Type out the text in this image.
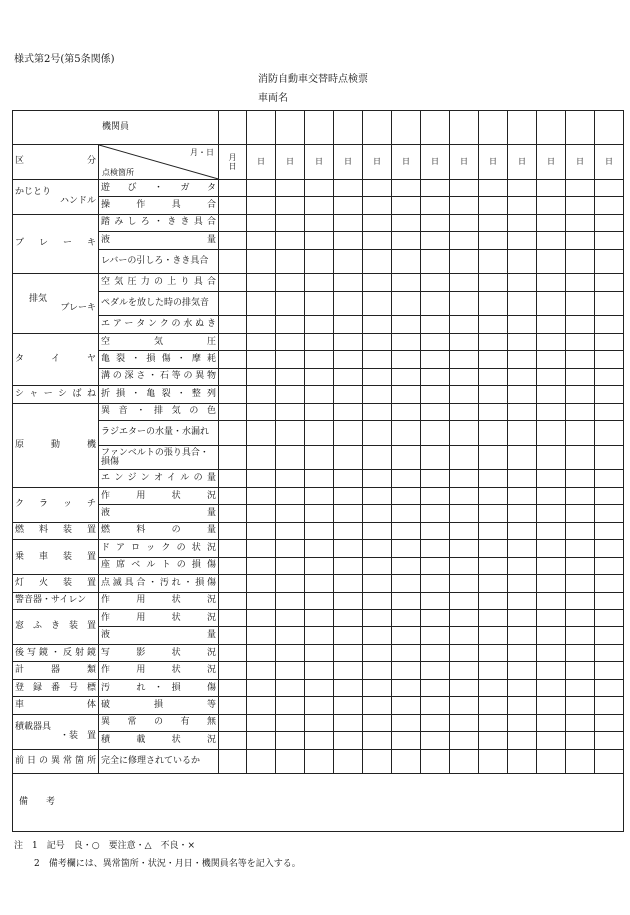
様式第2号(第5条関係)
消防自動車交替時点検票
車両名
機関員															
区　　　分	月・日
点検箇所	月
日	日	日	日	日	日	日	日	日	日	日	日	日	日

かじとり
ハンドル	遊　び　・　ガ　タ														
	操　作　具　合														
ブ　レ　ー　キ	踏みしろ・きき具合														
	液　量														
	レバーの引しろ・きき具合														

排気
ブレーキ	空気圧力の上り具合														
	ペダルを放した時の排気音														
	エアータンクの水ぬき														
タ　イ　ヤ	空　　気　　圧														
	亀裂・損傷・摩耗														
	溝の深さ・石等の異物														
シャーシばね	折損・亀裂・整列														
原　　動　　機	異音・排気の色														
	ラジエターの水量・水漏れ														
	ファンベルトの張り具合・損傷														
	エンジンオイルの量														
ク　ラ　ッ　チ	作　用　状　況														
	液　量														
燃　料　装　置	燃　料　の　量														
乗　車　装　置	ドアロックの状況														
	座席ベルトの損傷														
灯　火　装　置	点滅具合・汚れ・損傷														
警音器・サイレン	作　用　状　況														
窓 ふ き 装 置	作　用　状　況														
	液　量														
後写鏡・反射鏡	写　影　状　況														
計　　器　　類	作　用　状　況														
登 録 番 号 標	汚　れ・損　傷														
車　　　　　体	破　損　等														

積載器具
・装　置	異　常　の　有　無														
	積　載　状　況														
前日の異常箇所	完全に修理されているか														
備　　考															
注　1　記号　良・○　要注意・△　不良・×
2　備考欄には、異常箇所・状況・月日・機関員名等を記入する。
